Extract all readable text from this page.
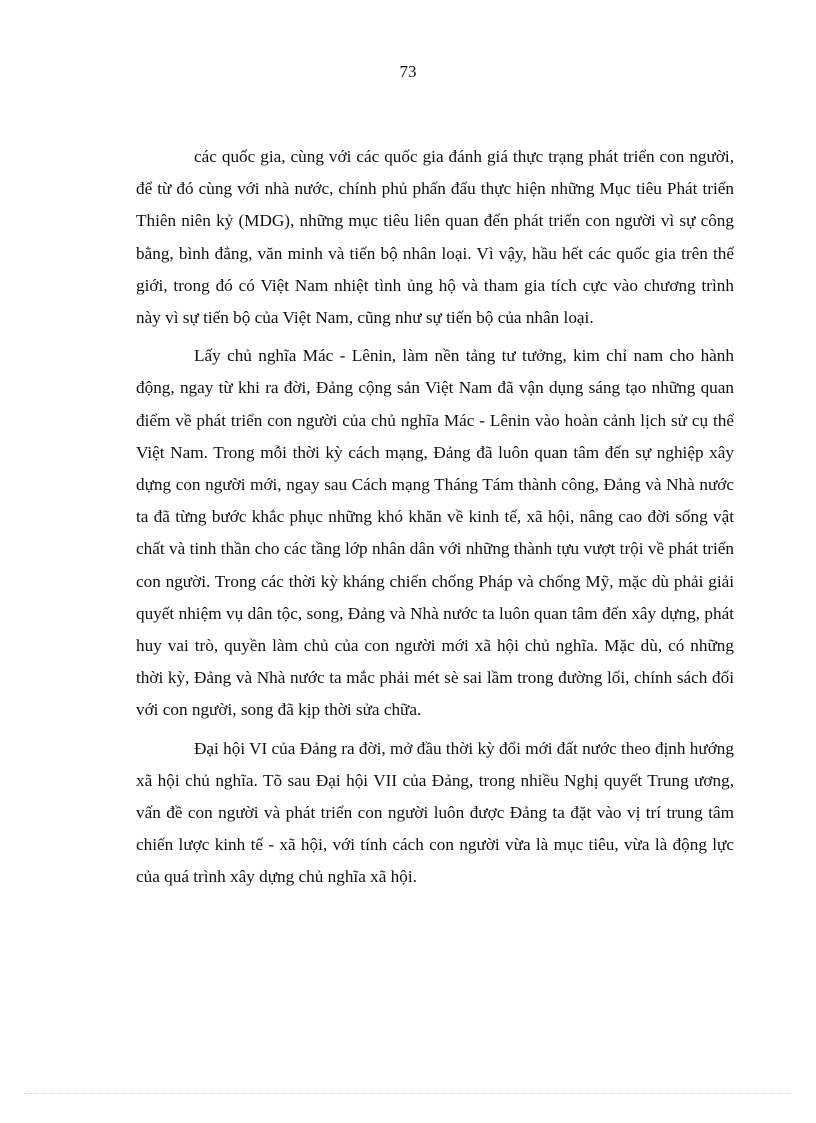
73

các quốc gia, cùng với các quốc gia đánh giá thực trạng phát triển con người, để từ đó cùng với nhà nước, chính phủ phấn đấu thực hiện những Mục tiêu Phát triển Thiên niên kỷ (MDG), những mục tiêu liên quan đến phát triển con người vì sự công bằng, bình đẳng, văn minh và tiến bộ nhân loại. Vì vậy, hầu hết các quốc gia trên thế giới, trong đó có Việt Nam nhiệt tình ủng hộ và tham gia tích cực vào chương trình này vì sự tiến bộ của Việt Nam, cũng như sự tiến bộ của nhân loại.

Lấy chủ nghĩa Mác - Lênin, làm nền tảng tư tưởng, kim chỉ nam cho hành động, ngay từ khi ra đời, Đảng cộng sản Việt Nam đã vận dụng sáng tạo những quan điểm về phát triển con người của chủ nghĩa Mác - Lênin vào hoàn cảnh lịch sử cụ thể Việt Nam. Trong mỗi thời kỳ cách mạng, Đảng đã luôn quan tâm đến sự nghiệp xây dựng con người mới, ngay sau Cách mạng Tháng Tám thành công, Đảng và Nhà nước ta đã từng bước khắc phục những khó khăn về kinh tế, xã hội, nâng cao đời sống vật chất và tinh thần cho các tầng lớp nhân dân với những thành tựu vượt trội về phát triển con người. Trong các thời kỳ kháng chiến chống Pháp và chống Mỹ, mặc dù phải giải quyết nhiệm vụ dân tộc, song, Đảng và Nhà nước ta luôn quan tâm đến xây dựng, phát huy vai trò, quyền làm chủ của con người mới xã hội chủ nghĩa. Mặc dù, có những thời kỳ, Đảng và Nhà nước ta mắc phải mét sè sai lầm trong đường lối, chính sách đối với con người, song đã kịp thời sửa chữa.

Đại hội VI của Đảng ra đời, mở đầu thời kỳ đổi mới đất nước theo định hướng xã hội chủ nghĩa. Tõ sau Đại hội VII của Đảng, trong nhiều Nghị quyết Trung ương, vấn đề con người và phát triển con người luôn được Đảng ta đặt vào vị trí trung tâm chiến lược kinh tế - xã hội, với tính cách con người vừa là mục tiêu, vừa là động lực của quá trình xây dựng chủ nghĩa xã hội.
